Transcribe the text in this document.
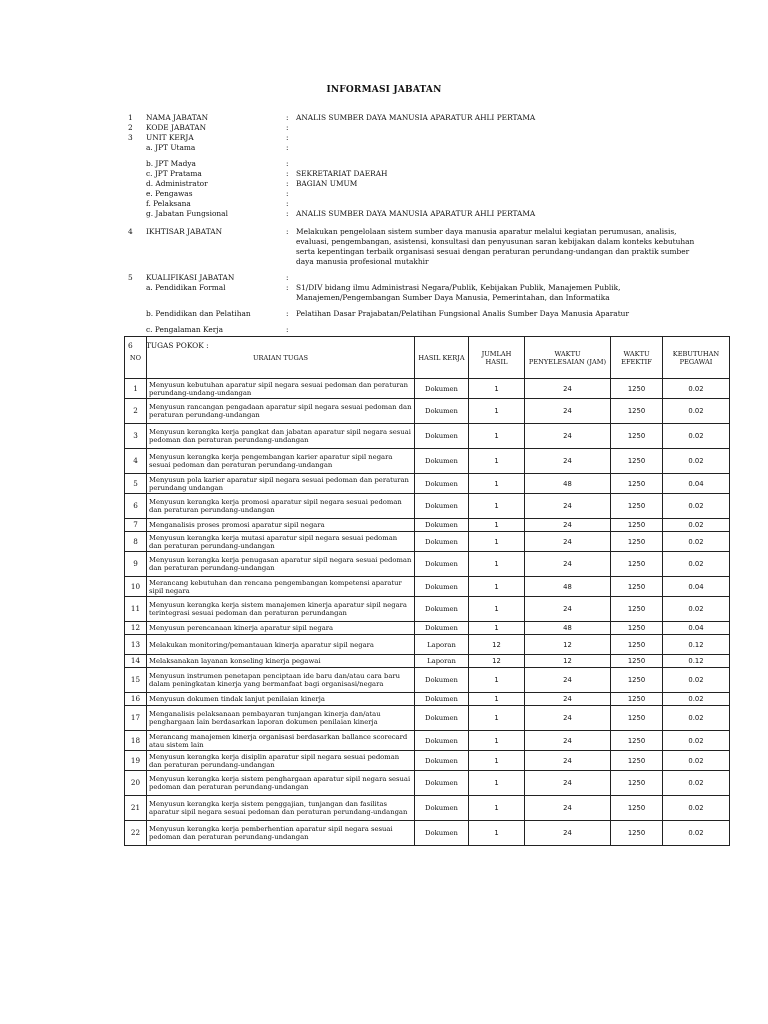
INFORMASI JABATAN
1	NAMA JABATAN	:	ANALIS SUMBER DAYA MANUSIA APARATUR AHLI PERTAMA
2	KODE JABATAN	:
3	UNIT KERJA	:
a. JPT Utama	:
b. JPT Madya	:
c. JPT Pratama	:	SEKRETARIAT DAERAH
d. Administrator	:	BAGIAN UMUM
e. Pengawas	:
f. Pelaksana	:
g. Jabatan Fungsional	:	ANALIS SUMBER DAYA MANUSIA APARATUR AHLI PERTAMA
4	IKHTISAR JABATAN	:	Melakukan pengelolaan sistem sumber daya manusia aparatur melalui kegiatan perumusan, analisis, evaluasi, pengembangan, asistensi, konsultasi dan penyusunan saran kebijakan dalam konteks kebutuhan serta kepentingan terbaik organisasi sesuai dengan peraturan perundang-undangan dan praktik sumber daya manusia profesional mutakhir
5	KUALIFIKASI JABATAN	:
a. Pendidikan Formal	:	S1/DIV bidang ilmu Administrasi Negara/Publik, Kebijakan Publik, Manajemen Publik, Manajemen/Pengembangan Sumber Daya Manusia, Pemerintahan, dan Informatika
b. Pendidikan dan Pelatihan	:	Pelatihan Dasar Prajabatan/Pelatihan Fungsional Analis Sumber Daya Manusia Aparatur
c. Pengalaman Kerja	:
6	TUGAS POKOK :
NO	URAIAN TUGAS	HASIL KERJA	JUMLAH HASIL	WAKTU PENYELESAIAN (JAM)	WAKTU EFEKTIF	KEBUTUHAN PEGAWAI
1	Menyusun kebutuhan aparatur sipil negara sesuai pedoman dan peraturan perundang-undang-undangan	Dokumen	1	24	1250	0.02
2	Menyusun rancangan pengadaan aparatur sipil negara sesuai pedoman dan peraturan perundang-undangan	Dokumen	1	24	1250	0.02
3	Menyusun kerangka kerja pangkat dan jabatan aparatur sipil negara sesuai pedoman dan peraturan perundang-undangan	Dokumen	1	24	1250	0.02
4	Menyusun kerangka kerja pengembangan karier aparatur sipil negara sesuai pedoman dan peraturan perundang-undangan	Dokumen	1	24	1250	0.02
5	Menyusun pola karier aparatur sipil negara sesuai pedoman dan peraturan perundang undangan	Dokumen	1	48	1250	0.04
6	Menyusun kerangka kerja promosi aparatur sipil negara sesuai pedoman dan peraturan perundang-undangan	Dokumen	1	24	1250	0.02
7	Menganalisis proses promosi aparatur sipil negara	Dokumen	1	24	1250	0.02
8	Menyusun kerangka kerja mutasi aparatur sipil negara sesuai pedoman dan peraturan perundang-undangan	Dokumen	1	24	1250	0.02
9	Menyusun kerangka kerja penugasan aparatur sipil negara sesuai pedoman dan peraturan perundang-undangan	Dokumen	1	24	1250	0.02
10	Merancang kebutuhan dan rencana pengembangan kompetensi aparatur sipil negara	Dokumen	1	48	1250	0.04
11	Menyusun kerangka kerja sistem manajemen kinerja aparatur sipil negara terintegrasi sesuai pedoman dan peraturan perundangan	Dokumen	1	24	1250	0.02
12	Menyusun perencanaan kinerja aparatur sipil negara	Dokumen	1	48	1250	0.04
13	Melakukan monitoring/pemantauan kinerja aparatur sipil negara	Laporan	12	12	1250	0.12
14	Melaksanakan layanan konseling kinerja pegawai	Laporan	12	12	1250	0.12
15	Menyusun instrumen penetapan penciptaan ide baru dan/atau cara baru dalam peningkatan kinerja yang bermanfaat bagi organisasi/negara	Dokumen	1	24	1250	0.02
16	Menyusun dokumen tindak lanjut penilaian kinerja	Dokumen	1	24	1250	0.02
17	Menganalisis pelaksanaan pembayaran tunjangan kinerja dan/atau penghargaan lain berdasarkan laporan dokumen penilaian kinerja	Dokumen	1	24	1250	0.02
18	Merancang manajemen kinerja organisasi berdasarkan ballance scorecard atau sistem lain	Dokumen	1	24	1250	0.02
19	Menyusun kerangka kerja disiplin aparatur sipil negara sesuai pedoman dan peraturan perundang-undangan	Dokumen	1	24	1250	0.02
20	Menyusun kerangka kerja sistem penghargaan aparatur sipil negara sesuai pedoman dan peraturan perundang-undangan	Dokumen	1	24	1250	0.02
21	Menyusun kerangka kerja sistem penggajian, tunjangan dan fasilitas aparatur sipil negara sesuai pedoman dan peraturan perundang-undangan	Dokumen	1	24	1250	0.02
22	Menyusun kerangka kerja pemberhentian aparatur sipil negara sesuai pedoman dan peraturan perundang-undangan	Dokumen	1	24	1250	0.02
